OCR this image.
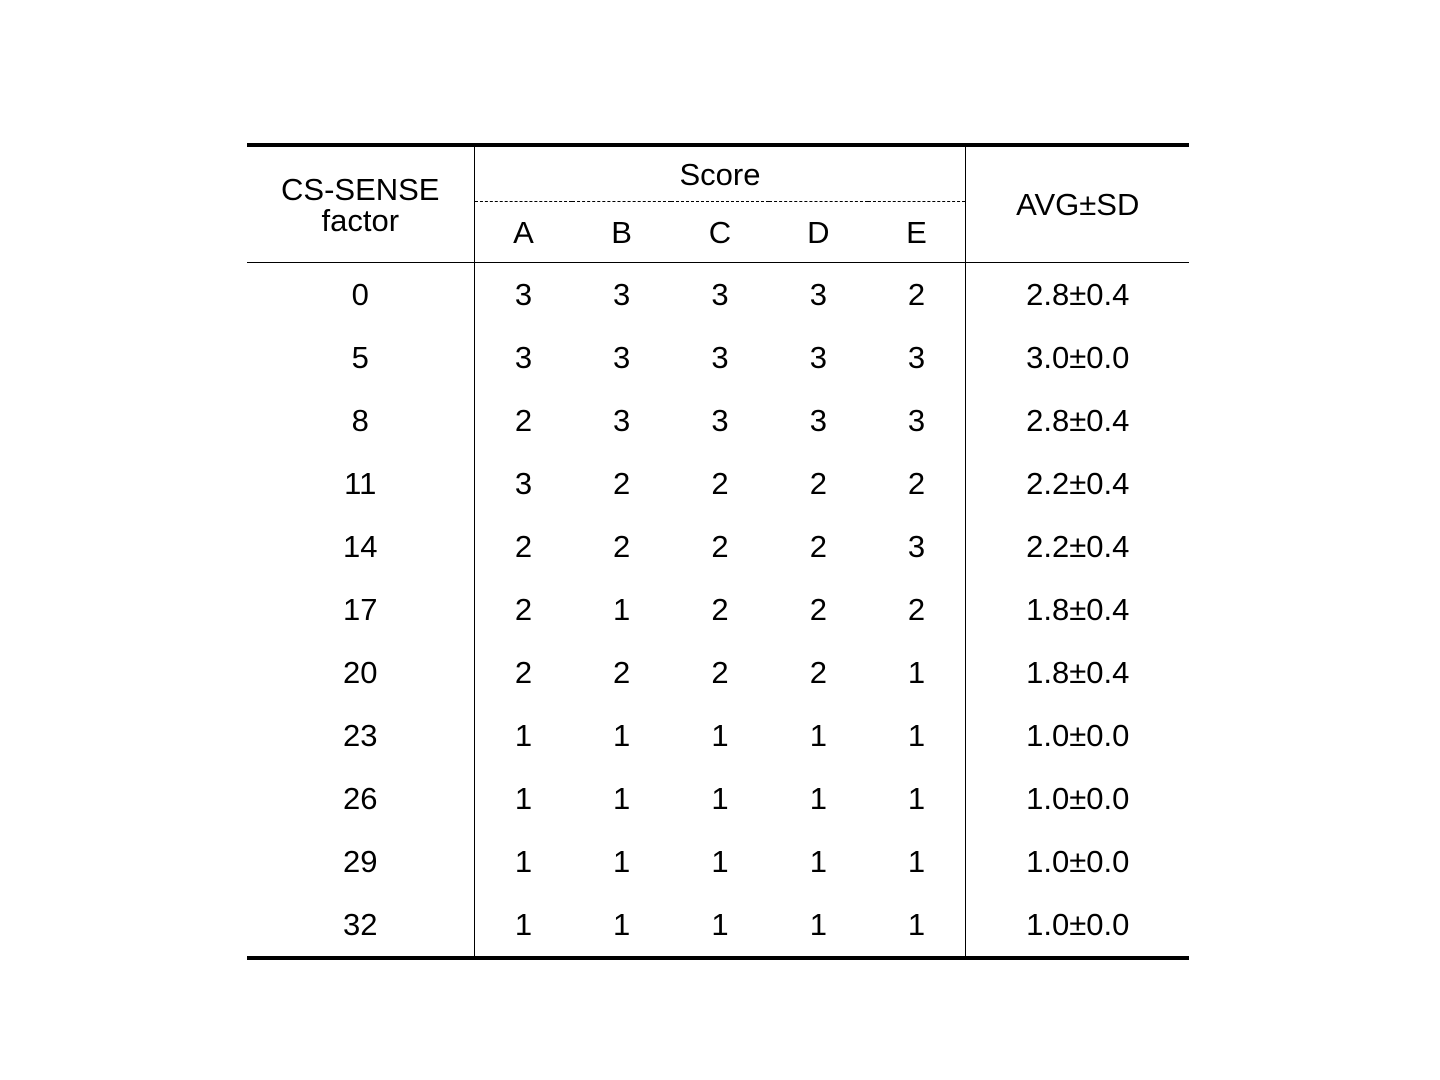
CS-SENSE
factor	Score					AVG±SD
	A	B	C	D	E	
0	3	3	3	3	2	2.8±0.4
5	3	3	3	3	3	3.0±0.0
8	2	3	3	3	3	2.8±0.4
11	3	2	2	2	2	2.2±0.4
14	2	2	2	2	3	2.2±0.4
17	2	1	2	2	2	1.8±0.4
20	2	2	2	2	1	1.8±0.4
23	1	1	1	1	1	1.0±0.0
26	1	1	1	1	1	1.0±0.0
29	1	1	1	1	1	1.0±0.0
32	1	1	1	1	1	1.0±0.0
